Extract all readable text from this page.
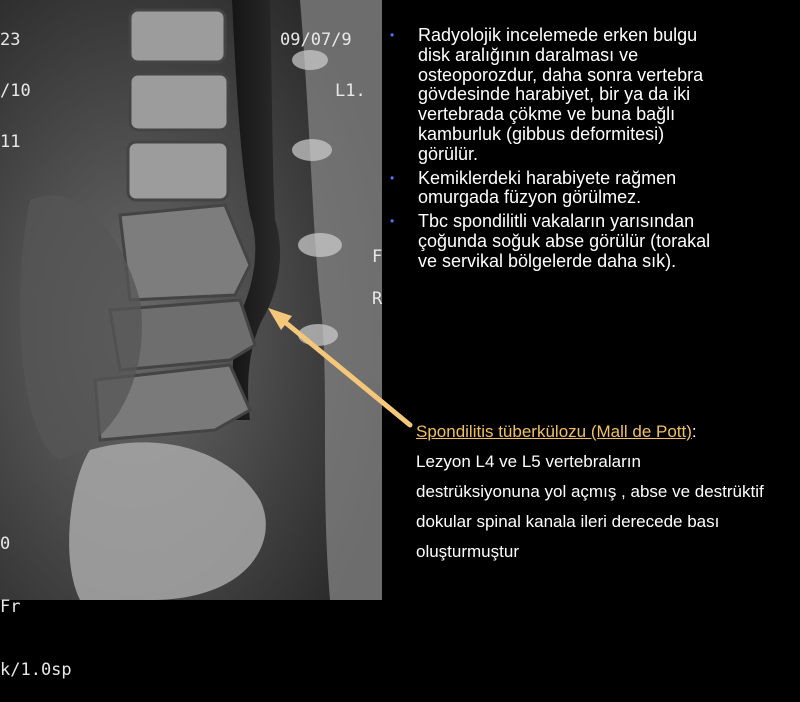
23

/10

11

09/07/9

L1.

0

Fr

k/1.0sp

F

R

• Radyolojik incelemede erken bulgu disk aralığının daralması ve osteoporozdur, daha sonra vertebra gövdesinde harabiyet, bir ya da iki vertebrada çökme ve buna bağlı kamburluk (gibbus deformitesi) görülür.
• Kemiklerdeki harabiyete rağmen omurgada füzyon görülmez.
• Tbc spondilitli vakaların yarısından çoğunda soğuk abse görülür (torakal ve servikal bölgelerde daha sık).
Spondilitis tüberkülozu (Mall de Pott):
Lezyon L4 ve L5 vertebraların
destrüksiyonuna yol açmış , abse ve destrüktif
dokular spinal kanala ileri derecede bası
oluşturmuştur
